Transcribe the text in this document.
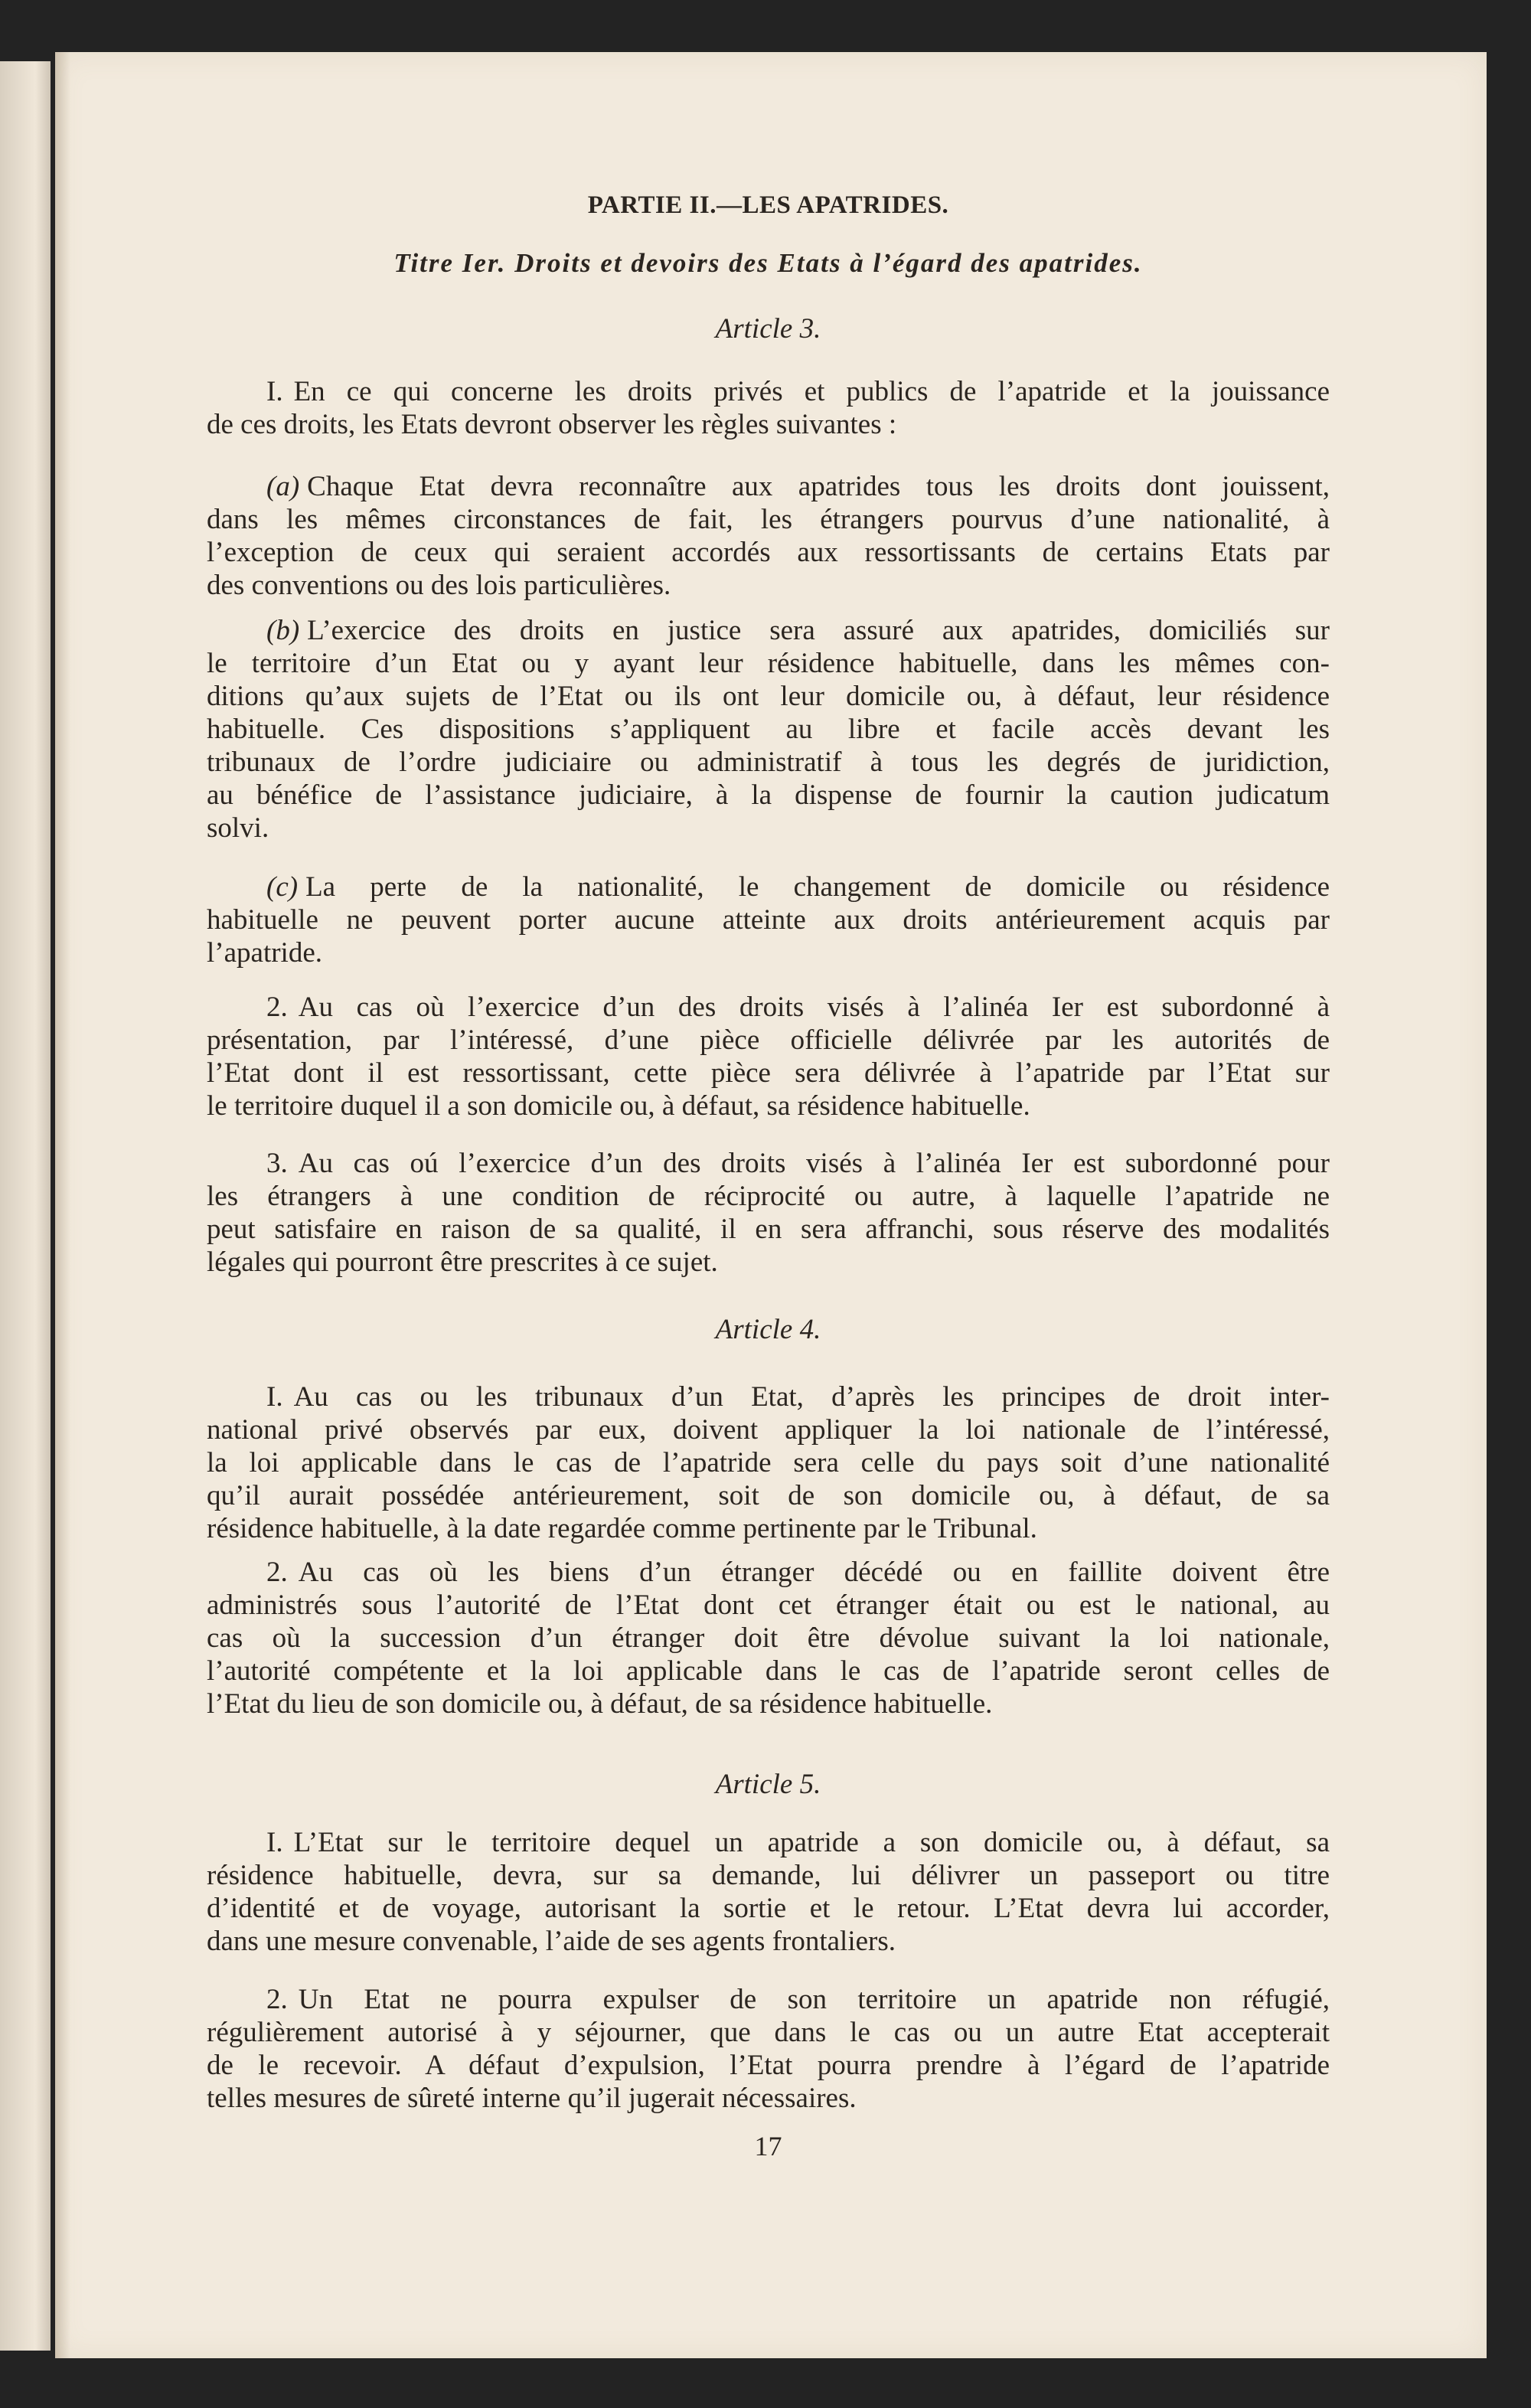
PARTIE II.—LES APATRIDES.
Titre Ier. Droits et devoirs des Etats à l’égard des apatrides.
Article 3.
I. En ce qui concerne les droits privés et publics de l’apatride et la jouissance
de ces droits, les Etats devront observer les règles suivantes :
(a) Chaque Etat devra reconnaître aux apatrides tous les droits dont jouissent,
dans les mêmes circonstances de fait, les étrangers pourvus d’une nationalité, à
l’exception de ceux qui seraient accordés aux ressortissants de certains Etats par
des conventions ou des lois particulières.
(b) L’exercice des droits en justice sera assuré aux apatrides, domiciliés sur
le territoire d’un Etat ou y ayant leur résidence habituelle, dans les mêmes con-
ditions qu’aux sujets de l’Etat ou ils ont leur domicile ou, à défaut, leur résidence
habituelle. Ces dispositions s’appliquent au libre et facile accès devant les
tribunaux de l’ordre judiciaire ou administratif à tous les degrés de juridiction,
au bénéfice de l’assistance judiciaire, à la dispense de fournir la caution judicatum
solvi.
(c) La perte de la nationalité, le changement de domicile ou résidence
habituelle ne peuvent porter aucune atteinte aux droits antérieurement acquis par
l’apatride.
2. Au cas où l’exercice d’un des droits visés à l’alinéa Ier est subordonné à
présentation, par l’intéressé, d’une pièce officielle délivrée par les autorités de
l’Etat dont il est ressortissant, cette pièce sera délivrée à l’apatride par l’Etat sur
le territoire duquel il a son domicile ou, à défaut, sa résidence habituelle.
3. Au cas oú l’exercice d’un des droits visés à l’alinéa Ier est subordonné pour
les étrangers à une condition de réciprocité ou autre, à laquelle l’apatride ne
peut satisfaire en raison de sa qualité, il en sera affranchi, sous réserve des modalités
légales qui pourront être prescrites à ce sujet.
Article 4.
I. Au cas ou les tribunaux d’un Etat, d’après les principes de droit inter-
national privé observés par eux, doivent appliquer la loi nationale de l’intéressé,
la loi applicable dans le cas de l’apatride sera celle du pays soit d’une nationalité
qu’il aurait possédée antérieurement, soit de son domicile ou, à défaut, de sa
résidence habituelle, à la date regardée comme pertinente par le Tribunal.
2. Au cas où les biens d’un étranger décédé ou en faillite doivent être
administrés sous l’autorité de l’Etat dont cet étranger était ou est le national, au
cas où la succession d’un étranger doit être dévolue suivant la loi nationale,
l’autorité compétente et la loi applicable dans le cas de l’apatride seront celles de
l’Etat du lieu de son domicile ou, à défaut, de sa résidence habituelle.
Article 5.
I. L’Etat sur le territoire dequel un apatride a son domicile ou, à défaut, sa
résidence habituelle, devra, sur sa demande, lui délivrer un passeport ou titre
d’identité et de voyage, autorisant la sortie et le retour. L’Etat devra lui accorder,
dans une mesure convenable, l’aide de ses agents frontaliers.
2. Un Etat ne pourra expulser de son territoire un apatride non réfugié,
régulièrement autorisé à y séjourner, que dans le cas ou un autre Etat accepterait
de le recevoir. A défaut d’expulsion, l’Etat pourra prendre à l’égard de l’apatride
telles mesures de sûreté interne qu’il jugerait nécessaires.
17
